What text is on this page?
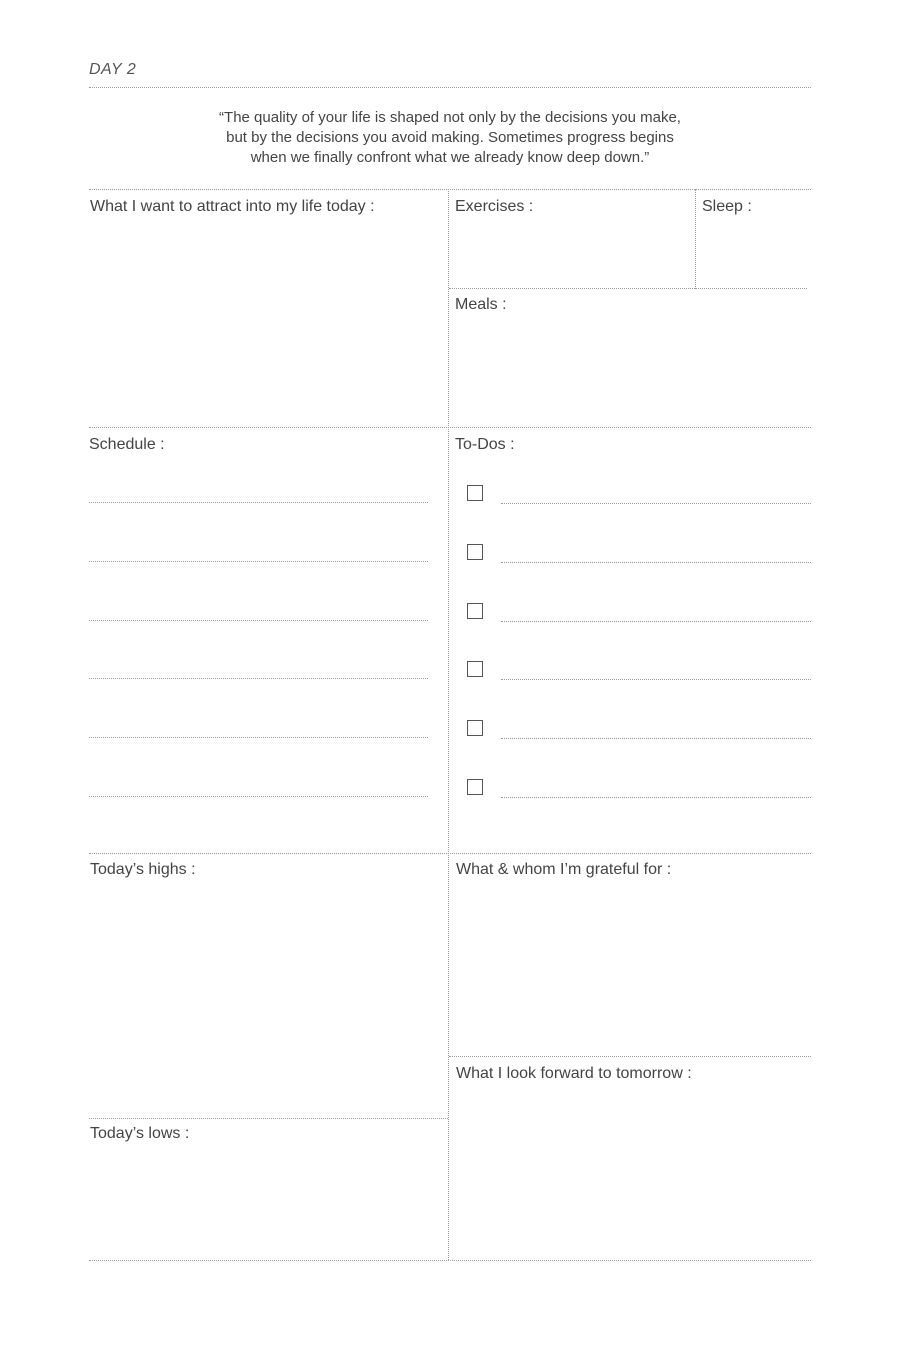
DAY 2
“The quality of your life is shaped not only by the decisions you make,
but by the decisions you avoid making. Sometimes progress begins
when we finally confront what we already know deep down.”
What I want to attract into my life today :	Exercises :	Sleep :
Meals :
Schedule :	To-Dos :
Today’s highs :	What & whom I’m grateful for :
What I look forward to tomorrow :
Today’s lows :
